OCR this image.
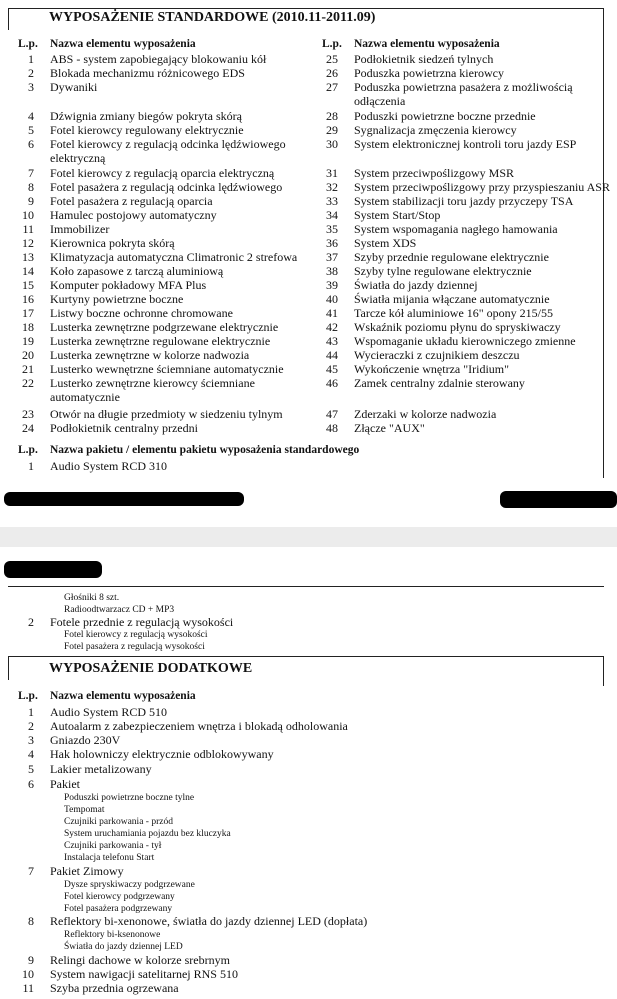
WYPOSAŻENIE STANDARDOWE (2010.11-2011.09)
L.p. Nazwa elementu wyposażenia	L.p. Nazwa elementu wyposażenia
1 ABS - system zapobiegający blokowaniu kół
2 Blokada mechanizmu różnicowego EDS
3 Dywaniki
4 Dźwignia zmiany biegów pokryta skórą
5 Fotel kierowcy regulowany elektrycznie
6 Fotel kierowcy z regulacją odcinka lędźwiowego
elektryczną
7 Fotel kierowcy z regulacją oparcia elektryczną
8 Fotel pasażera z regulacją odcinka lędźwiowego
9 Fotel pasażera z regulacją oparcia
10 Hamulec postojowy automatyczny
11 Immobilizer
12 Kierownica pokryta skórą
13 Klimatyzacja automatyczna Climatronic 2 strefowa
14 Koło zapasowe z tarczą aluminiową
15 Komputer pokładowy MFA Plus
16 Kurtyny powietrzne boczne
17 Listwy boczne ochronne chromowane
18 Lusterka zewnętrzne podgrzewane elektrycznie
19 Lusterka zewnętrzne regulowane elektrycznie
20 Lusterka zewnętrzne w kolorze nadwozia
21 Lusterko wewnętrzne ściemniane automatycznie
22 Lusterko zewnętrzne kierowcy ściemniane
automatycznie
23 Otwór na długie przedmioty w siedzeniu tylnym
24 Podłokietnik centralny przedni
25 Podłokietnik siedzeń tylnych
26 Poduszka powietrzna kierowcy
27 Poduszka powietrzna pasażera z możliwością
odłączenia
28 Poduszki powietrzne boczne przednie
29 Sygnalizacja zmęczenia kierowcy
30 System elektronicznej kontroli toru jazdy ESP
31 System przeciwpoślizgowy MSR
32 System przeciwpoślizgowy przy przyspieszaniu ASR
33 System stabilizacji toru jazdy przyczepy TSA
34 System Start/Stop
35 System wspomagania nagłego hamowania
36 System XDS
37 Szyby przednie regulowane elektrycznie
38 Szyby tylne regulowane elektrycznie
39 Światła do jazdy dziennej
40 Światła mijania włączane automatycznie
41 Tarcze kół aluminiowe 16" opony 215/55
42 Wskaźnik poziomu płynu do spryskiwaczy
43 Wspomaganie układu kierowniczego zmienne
44 Wycieraczki z czujnikiem deszczu
45 Wykończenie wnętrza "Iridium"
46 Zamek centralny zdalnie sterowany
47 Zderzaki w kolorze nadwozia
48 Złącze "AUX"
L.p. Nazwa pakietu / elementu pakietu wyposażenia standardowego
1 Audio System RCD 310
Głośniki 8 szt.
Radioodtwarzacz CD + MP3
2 Fotele przednie z regulacją wysokości
Fotel kierowcy z regulacją wysokości
Fotel pasażera z regulacją wysokości
WYPOSAŻENIE DODATKOWE
L.p. Nazwa elementu wyposażenia
1 Audio System RCD 510
2 Autoalarm z zabezpieczeniem wnętrza i blokadą odholowania
3 Gniazdo 230V
4 Hak holowniczy elektrycznie odblokowywany
5 Lakier metalizowany
6 Pakiet
Poduszki powietrzne boczne tylne
Tempomat
Czujniki parkowania - przód
System uruchamiania pojazdu bez kluczyka
Czujniki parkowania - tył
Instalacja telefonu Start
7 Pakiet Zimowy
Dysze spryskiwaczy podgrzewane
Fotel kierowcy podgrzewany
Fotel pasażera podgrzewany
8 Reflektory bi-xenonowe, światła do jazdy dziennej LED (dopłata)
Reflektory bi-ksenonowe
Światła do jazdy dziennej LED
9 Relingi dachowe w kolorze srebrnym
10 System nawigacji satelitarnej RNS 510
11 Szyba przednia ogrzewana
